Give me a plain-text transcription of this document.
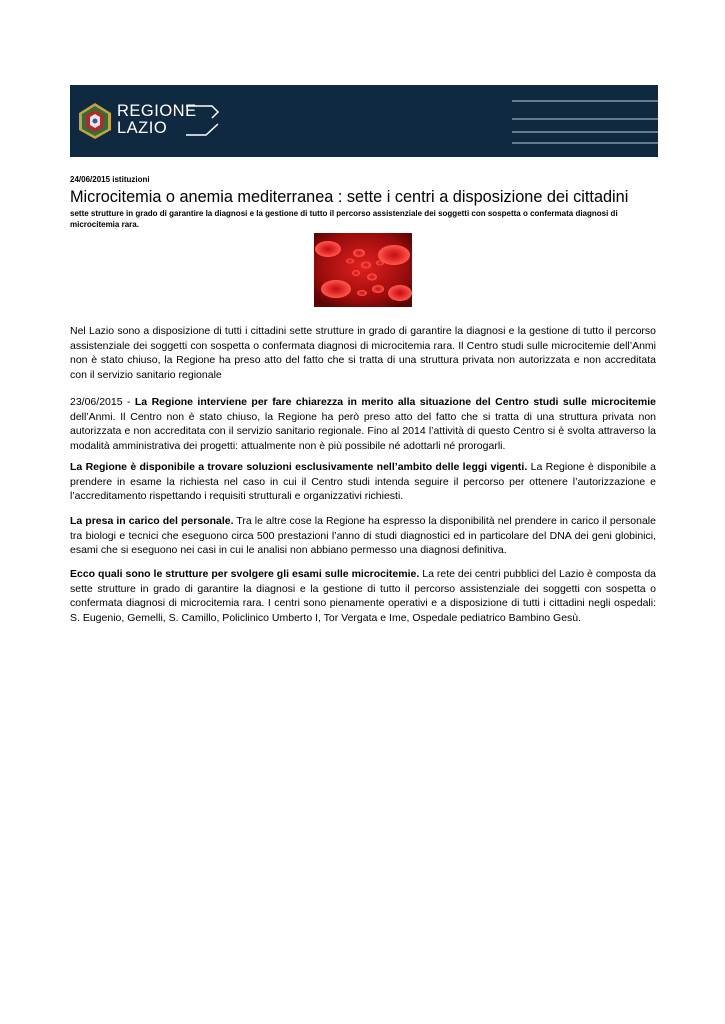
REGIONE
LAZIO
24/06/2015 istituzioni
Microcitemia o anemia mediterranea : sette i centri a disposizione dei cittadini
sette strutture in grado di garantire la diagnosi e la gestione di tutto il percorso assistenziale dei soggetti con sospetta o confermata diagnosi di microcitemia rara.

Nel Lazio sono a disposizione di tutti i cittadini sette strutture in grado di garantire la diagnosi e la gestione di tutto il percorso assistenziale dei soggetti con sospetta o confermata diagnosi di microcitemia rara. Il Centro studi sulle microcitemie dell’Anmi non è stato chiuso, la Regione ha preso atto del fatto che si tratta di una struttura privata non autorizzata e non accreditata con il servizio sanitario regionale

23/06/2015 - La Regione interviene per fare chiarezza in merito alla situazione del Centro studi sulle microcitemie dell’Anmi. Il Centro non è stato chiuso, la Regione ha però preso atto del fatto che si tratta di una struttura privata non autorizzata e non accreditata con il servizio sanitario regionale. Fino al 2014 l’attività di questo Centro si è svolta attraverso la modalità amministrativa dei progetti: attualmente non è più possibile né adottarli né prorogarli.

La Regione è disponibile a trovare soluzioni esclusivamente nell’ambito delle leggi vigenti. La Regione è disponibile a prendere in esame la richiesta nel caso in cui il Centro studi intenda seguire il percorso per ottenere l’autorizzazione e l’accreditamento rispettando i requisiti strutturali e organizzativi richiesti.

La presa in carico del personale. Tra le altre cose la Regione ha espresso la disponibilità nel prendere in carico il personale tra biologi e tecnici che eseguono circa 500 prestazioni l’anno di studi diagnostici ed in particolare del DNA dei geni globinici, esami che si eseguono nei casi in cui le analisi non abbiano permesso una diagnosi definitiva.

Ecco quali sono le strutture per svolgere gli esami sulle microcitemie. La rete dei centri pubblici del Lazio è composta da sette strutture in grado di garantire la diagnosi e la gestione di tutto il percorso assistenziale dei soggetti con sospetta o confermata diagnosi di microcitemia rara. I centri sono pienamente operativi e a disposizione di tutti i cittadini negli ospedali: S. Eugenio, Gemelli, S. Camillo, Policlinico Umberto I, Tor Vergata e Ime, Ospedale pediatrico Bambino Gesù.
